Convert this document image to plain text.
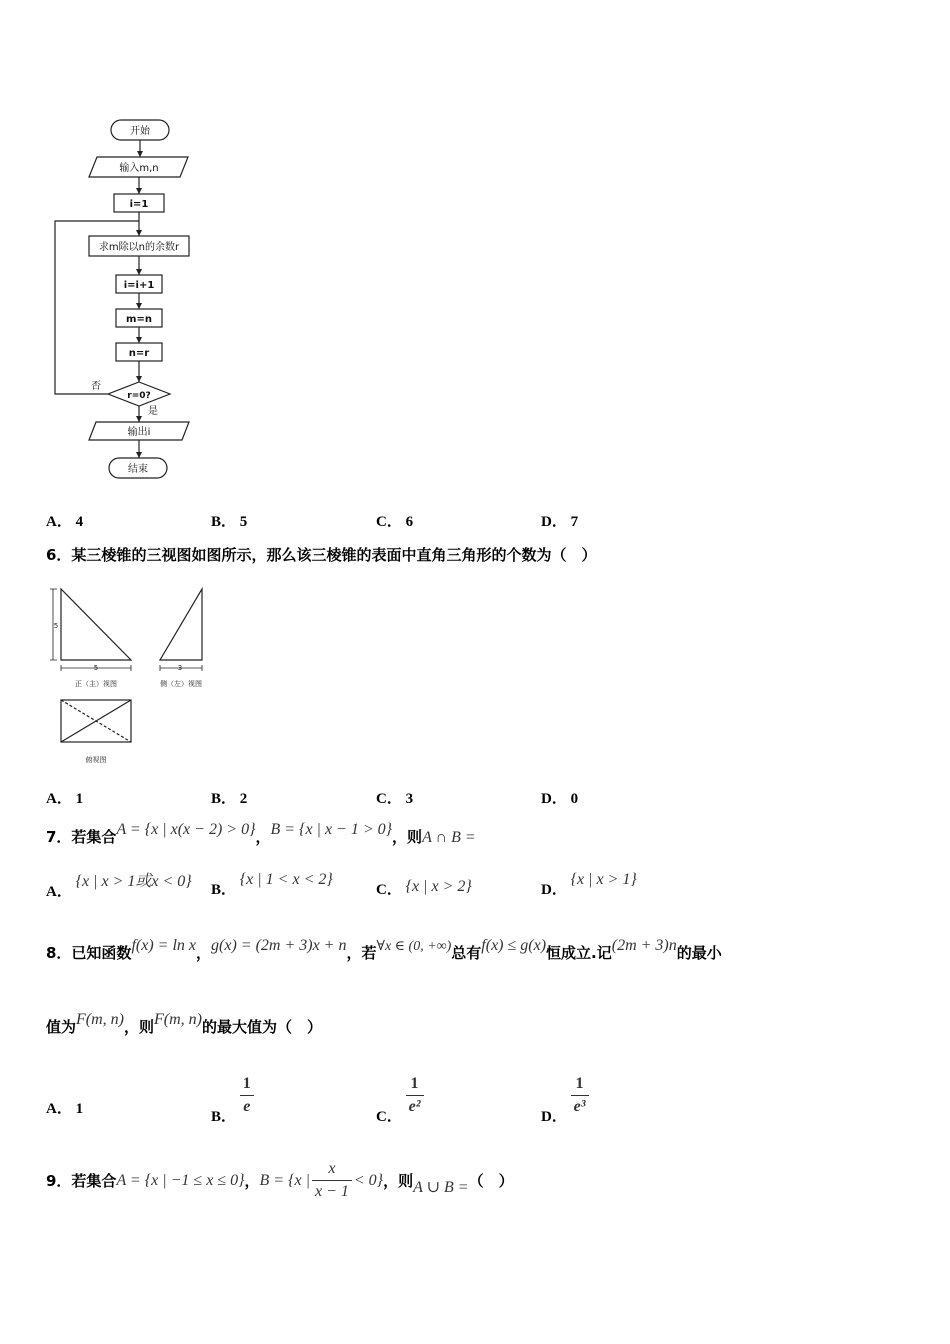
开始
输入m,n
i=1
求m除以n的余数r
i=i+1
m=n
n=r
r=0?
否
是
输出i
结束
A． 4	B． 5	C． 6	D． 7
6．某三棱锥的三视图如图所示，那么该三棱锥的表面中直角三角形的个数为（　）
5
5	3
正（主）视图	侧（左）视图
俯视图
A． 1	B． 2	C． 3	D． 0
7．若集合A = {x | x(x − 2) > 0}，B = {x | x − 1 > 0}，则A ∩ B =
A． {x | x > 1或x < 0} B． {x | 1 < x < 2}
C． {x | x > 2}	D． {x | x > 1}
8．已知函数f(x) = ln x，g(x) = (2m + 3)x + n，若∀x ∈ (0, +∞)总有f(x) ≤ g(x)恒成立.记(2m + 3)n的最小
值为F(m, n)，则F(m, n)的最大值为（　）
A． 1	B．
$\frac{1}{e}$
C．
$\frac{1}{\text{e²}}$
D．
$\frac{1}{\text{e³}}$
9．若集合 A = {x | −1 ≤ x ≤ 0} ， B = {x | $\frac{x}{x - 1} < 0$} ，则 A ∪ B = （　）
